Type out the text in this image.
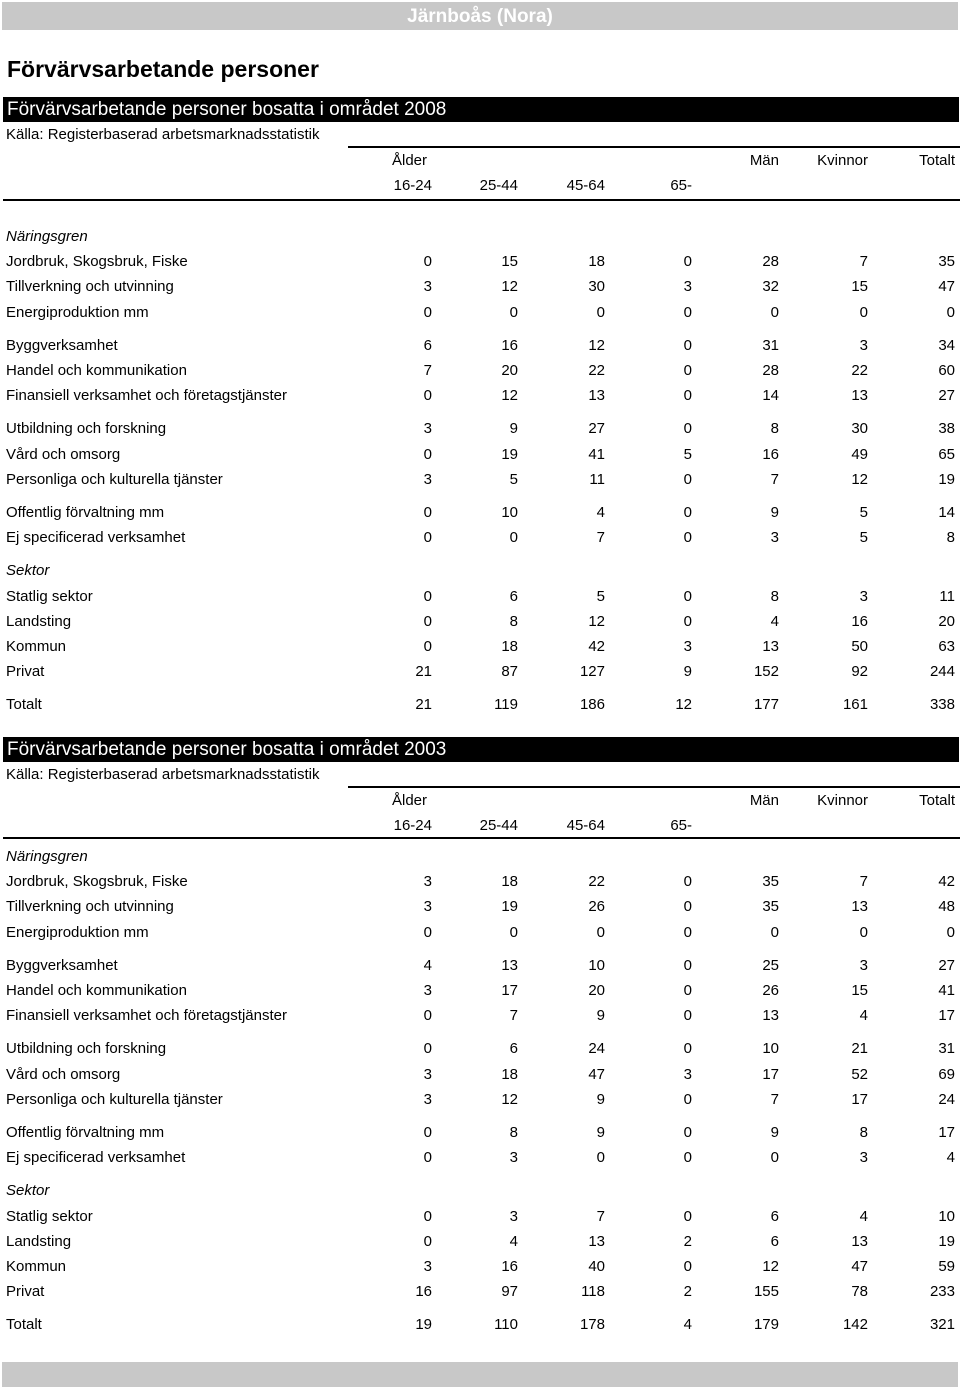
Järnboås (Nora)
Förvärvsarbetande personer
Förvärvsarbetande personer bosatta i området 2008
Källa: Registerbaserad arbetsmarknadsstatistik
Ålder	Män	Kvinnor	Totalt
16-24	25-44	45-64	65-
Näringsgren
Jordbruk, Skogsbruk, Fiske	0	15	18	0	28	7	35
Tillverkning och utvinning	3	12	30	3	32	15	47
Energiproduktion mm	0	0	0	0	0	0	0
Byggverksamhet	6	16	12	0	31	3	34
Handel och kommunikation	7	20	22	0	28	22	60
Finansiell verksamhet och företagstjänster	0	12	13	0	14	13	27
Utbildning och forskning	3	9	27	0	8	30	38
Vård och omsorg	0	19	41	5	16	49	65
Personliga och kulturella tjänster	3	5	11	0	7	12	19
Offentlig förvaltning mm	0	10	4	0	9	5	14
Ej specificerad verksamhet	0	0	7	0	3	5	8
Sektor
Statlig sektor	0	6	5	0	8	3	11
Landsting	0	8	12	0	4	16	20
Kommun	0	18	42	3	13	50	63
Privat	21	87	127	9	152	92	244
Totalt	21	119	186	12	177	161	338
Förvärvsarbetande personer bosatta i området 2003
Källa: Registerbaserad arbetsmarknadsstatistik
Ålder	Män	Kvinnor	Totalt
16-24	25-44	45-64	65-
Näringsgren
Jordbruk, Skogsbruk, Fiske	3	18	22	0	35	7	42
Tillverkning och utvinning	3	19	26	0	35	13	48
Energiproduktion mm	0	0	0	0	0	0	0
Byggverksamhet	4	13	10	0	25	3	27
Handel och kommunikation	3	17	20	0	26	15	41
Finansiell verksamhet och företagstjänster	0	7	9	0	13	4	17
Utbildning och forskning	0	6	24	0	10	21	31
Vård och omsorg	3	18	47	3	17	52	69
Personliga och kulturella tjänster	3	12	9	0	7	17	24
Offentlig förvaltning mm	0	8	9	0	9	8	17
Ej specificerad verksamhet	0	3	0	0	0	3	4
Sektor
Statlig sektor	0	3	7	0	6	4	10
Landsting	0	4	13	2	6	13	19
Kommun	3	16	40	0	12	47	59
Privat	16	97	118	2	155	78	233
Totalt	19	110	178	4	179	142	321
